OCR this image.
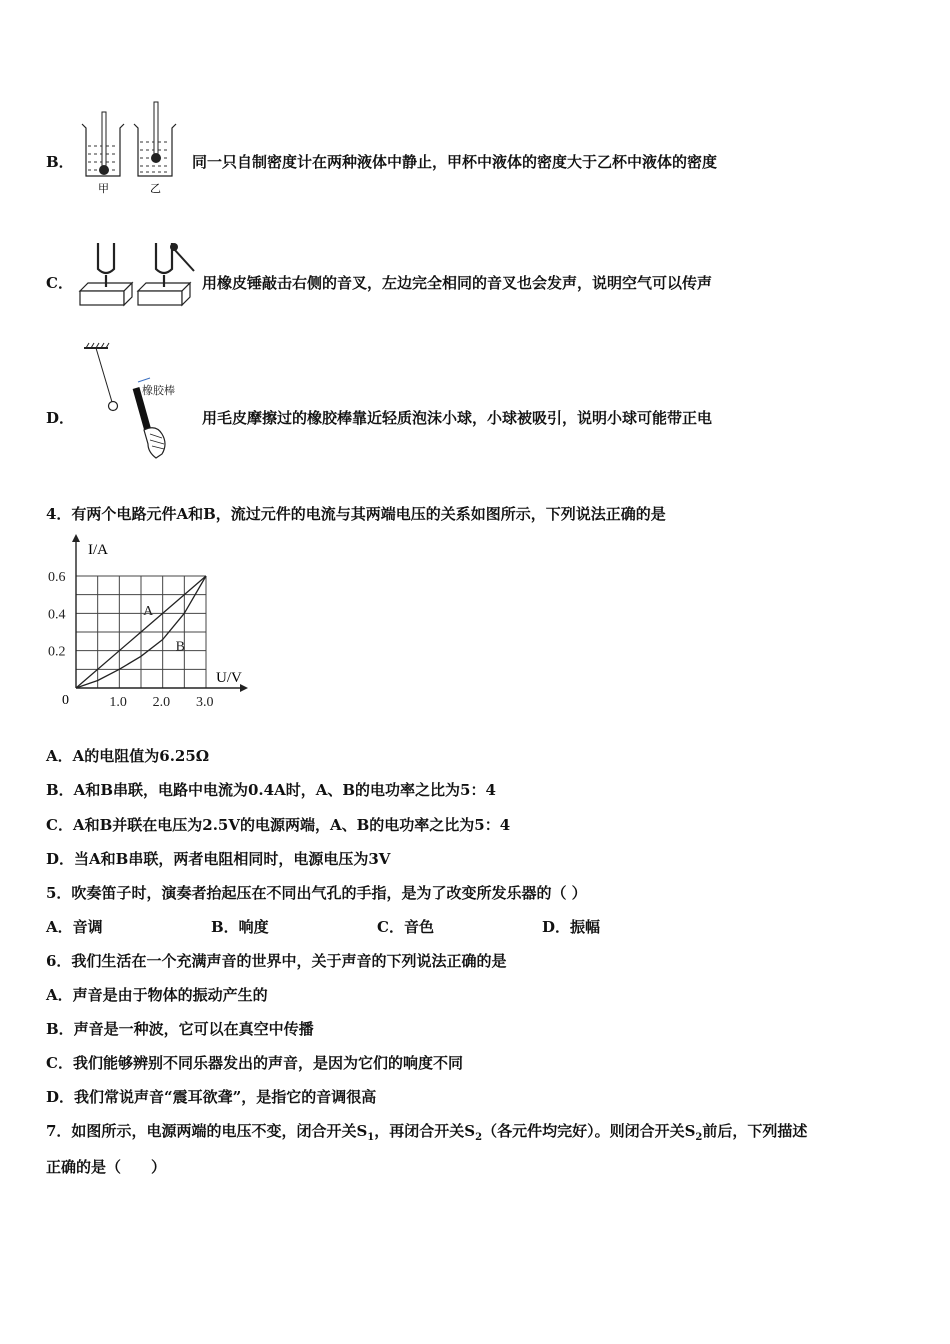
B．
甲	乙
同一只自制密度计在两种液体中静止，甲杯中液体的密度大于乙杯中液体的密度
C．	用橡皮锤敲击右侧的音叉，左边完全相同的音叉也会发声，说明空气可以传声
D．
橡胶棒
用毛皮摩擦过的橡胶棒靠近轻质泡沫小球，小球被吸引，说明小球可能带正电
4．有两个电路元件A和B，流过元件的电流与其两端电压的关系如图所示，下列说法正确的是
I/A
U/V
0	1.0 2.0 3.0
0.2
0.4
0.6
A
B
A．A的电阻值为6.25Ω
B．A和B串联，电路中电流为0.4A时，A、B的电功率之比为5：4
C．A和B并联在电压为2.5V的电源两端，A、B的电功率之比为5：4
D．当A和B串联，两者电阻相同时，电源电压为3V
5．吹奏笛子时，演奏者抬起压在不同出气孔的手指，是为了改变所发乐器的（ ）
A．音调	B．响度	C．音色	D．振幅
6．我们生活在一个充满声音的世界中，关于声音的下列说法正确的是
A．声音是由于物体的振动产生的
B．声音是一种波，它可以在真空中传播
C．我们能够辨别不同乐器发出的声音，是因为它们的响度不同
D．我们常说声音“震耳欲聋”，是指它的音调很高
7．如图所示，电源两端的电压不变，闭合开关$S_1$，再闭合开关$S_2$（各元件均完好）。则闭合开关$S_2$前后，下列描述
正确的是（　　）
